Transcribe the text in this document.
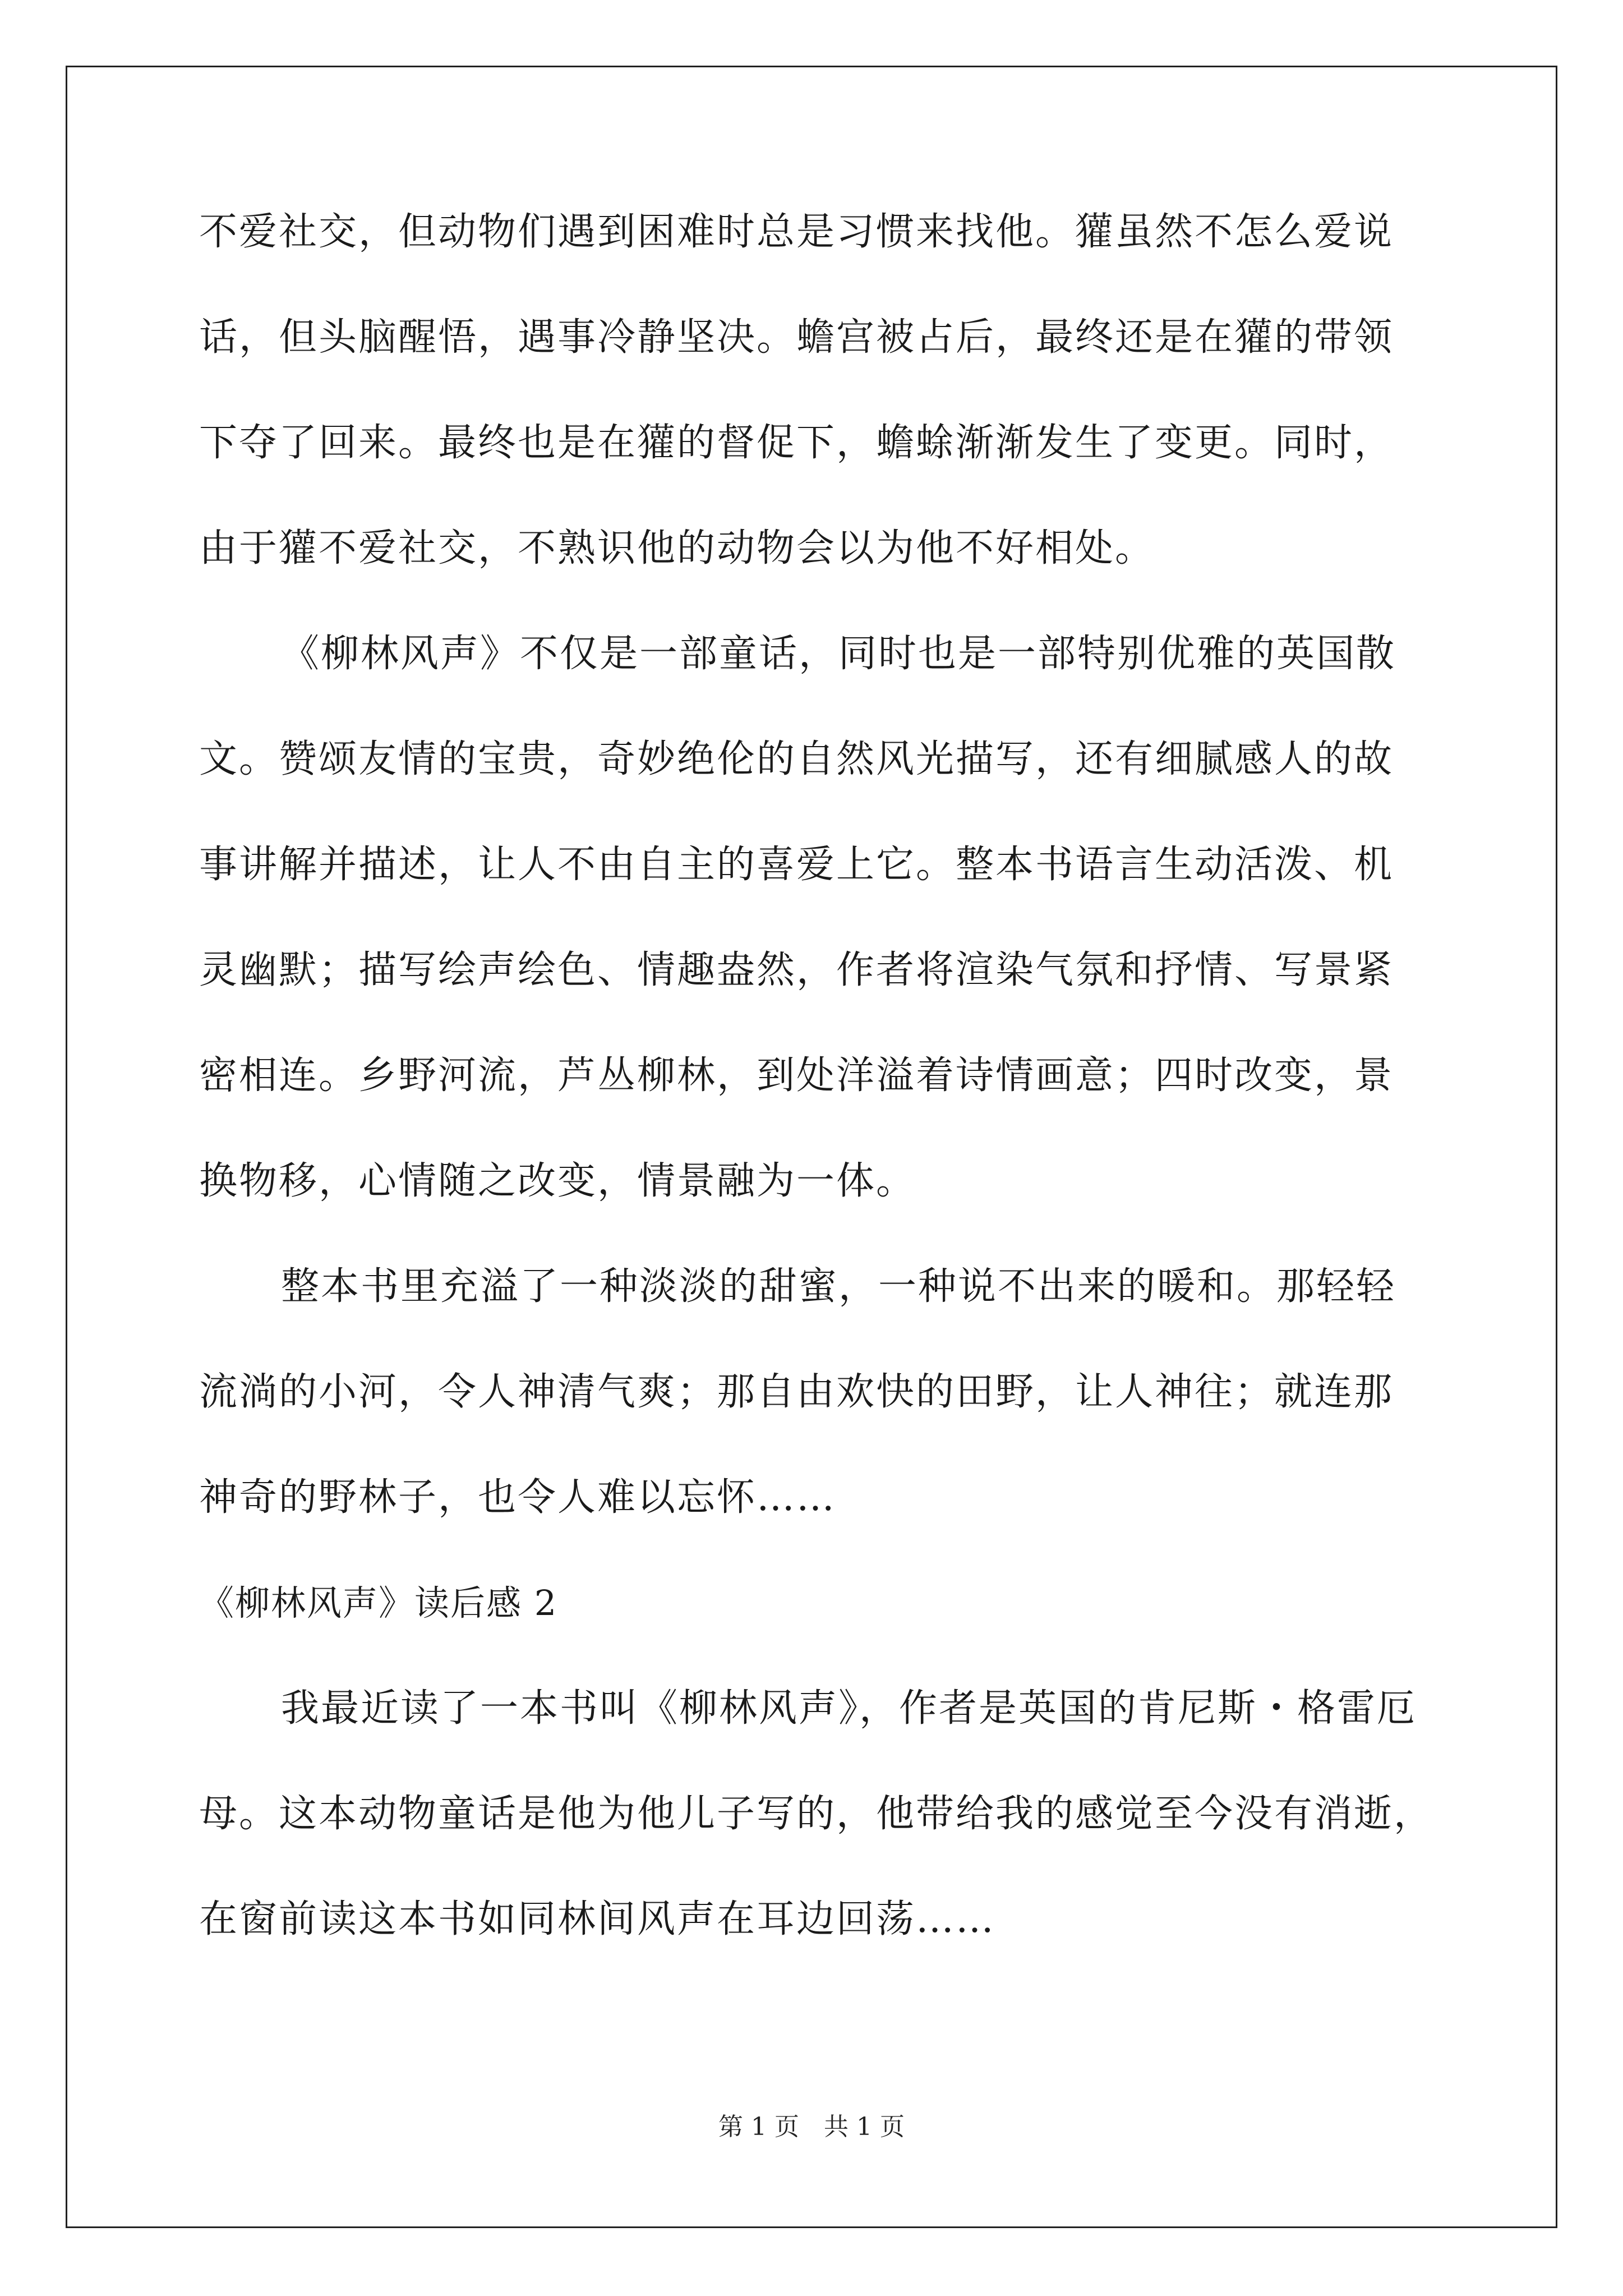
不爱社交，但动物们遇到困难时总是习惯来找他。獾虽然不怎么爱说
话，但头脑醒悟，遇事冷静坚决。蟾宫被占后，最终还是在獾的带领
下夺了回来。最终也是在獾的督促下，蟾蜍渐渐发生了变更。同时，
由于獾不爱社交，不熟识他的动物会以为他不好相处。
《柳林风声》不仅是一部童话，同时也是一部特别优雅的英国散
文。赞颂友情的宝贵，奇妙绝伦的自然风光描写，还有细腻感人的故
事讲解并描述，让人不由自主的喜爱上它。整本书语言生动活泼、机
灵幽默；描写绘声绘色、情趣盎然，作者将渲染气氛和抒情、写景紧
密相连。乡野河流，芦丛柳林，到处洋溢着诗情画意；四时改变，景
换物移，心情随之改变，情景融为一体。
整本书里充溢了一种淡淡的甜蜜，一种说不出来的暖和。那轻轻
流淌的小河，令人神清气爽；那自由欢快的田野，让人神往；就连那
神奇的野林子，也令人难以忘怀……
《柳林风声》读后感 2
我最近读了一本书叫《柳林风声》，作者是英国的肯尼斯・格雷厄
母。这本动物童话是他为他儿子写的，他带给我的感觉至今没有消逝，
在窗前读这本书如同林间风声在耳边回荡……
第 1 页　共 1 页
